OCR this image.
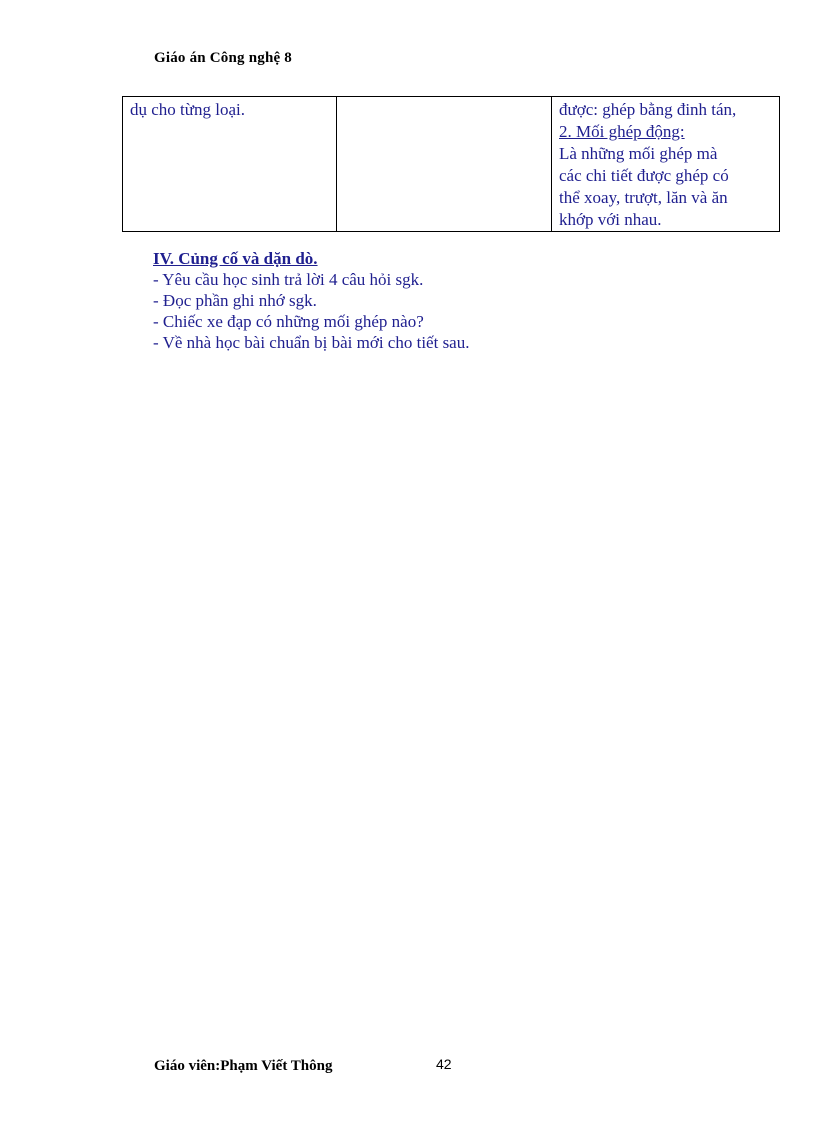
Giáo án Công nghệ 8
dụ cho từng loại.		được: ghép bằng đinh tán,
2. Mối ghép động:
Là những mối ghép mà
các chi tiết được ghép có
thể xoay, trượt, lăn và ăn
khớp với nhau.
IV. Củng cố và dặn dò.
- Yêu cầu học sinh trả lời 4 câu hỏi sgk.
- Đọc phần ghi nhớ sgk.
- Chiếc xe đạp có những mối ghép nào?
- Về nhà học bài chuẩn bị bài mới cho tiết sau.
Giáo viên:Phạm Viết Thông	42
